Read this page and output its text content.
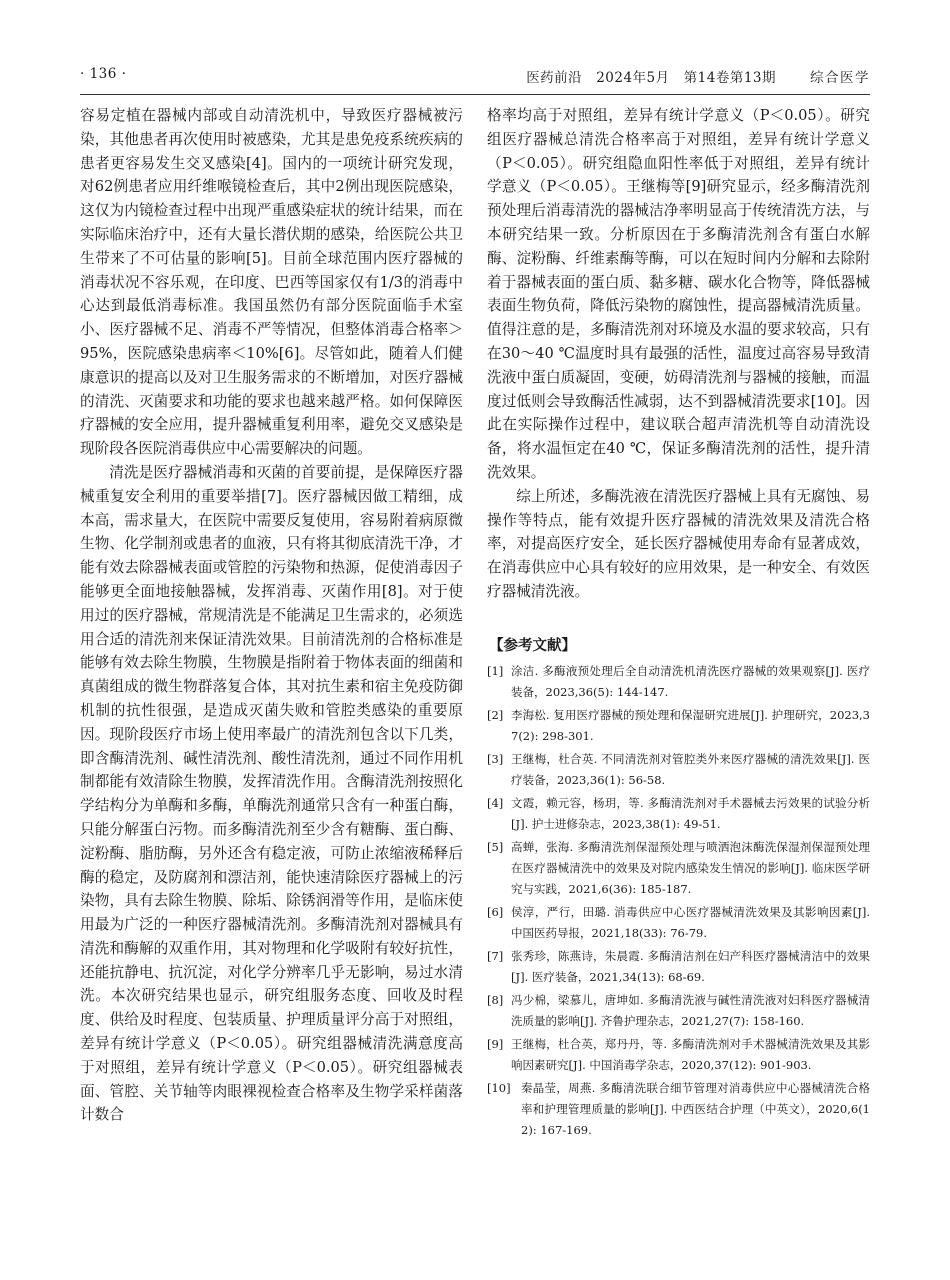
· 136 ·	医药前沿 2024年5月 第14卷第13期	综合医学

容易定植在器械内部或自动清洗机中，导致医疗器械被污染，其他患者再次使用时被感染，尤其是患免疫系统疾病的患者更容易发生交叉感染[4]。国内的一项统计研究发现，对62例患者应用纤维喉镜检查后，其中2例出现医院感染，这仅为内镜检查过程中出现严重感染症状的统计结果，而在实际临床治疗中，还有大量长潜伏期的感染，给医院公共卫生带来了不可估量的影响[5]。目前全球范围内医疗器械的消毒状况不容乐观，在印度、巴西等国家仅有1/3的消毒中心达到最低消毒标准。我国虽然仍有部分医院面临手术室小、医疗器械不足、消毒不严等情况，但整体消毒合格率＞95%，医院感染患病率＜10%[6]。尽管如此，随着人们健康意识的提高以及对卫生服务需求的不断增加，对医疗器械的清洗、灭菌要求和功能的要求也越来越严格。如何保障医疗器械的安全应用，提升器械重复利用率，避免交叉感染是现阶段各医院消毒供应中心需要解决的问题。

清洗是医疗器械消毒和灭菌的首要前提，是保障医疗器械重复安全利用的重要举措[7]。医疗器械因做工精细，成本高，需求量大，在医院中需要反复使用，容易附着病原微生物、化学制剂或患者的血液，只有将其彻底清洗干净，才能有效去除器械表面或管腔的污染物和热源，促使消毒因子能够更全面地接触器械，发挥消毒、灭菌作用[8]。对于使用过的医疗器械，常规清洗是不能满足卫生需求的，必须选用合适的清洗剂来保证清洗效果。目前清洗剂的合格标准是能够有效去除生物膜，生物膜是指附着于物体表面的细菌和真菌组成的微生物群落复合体，其对抗生素和宿主免疫防御机制的抗性很强，是造成灭菌失败和管腔类感染的重要原因。现阶段医疗市场上使用率最广的清洗剂包含以下几类，即含酶清洗剂、碱性清洗剂、酸性清洗剂，通过不同作用机制都能有效清除生物膜，发挥清洗作用。含酶清洗剂按照化学结构分为单酶和多酶，单酶洗剂通常只含有一种蛋白酶，只能分解蛋白污物。而多酶清洗剂至少含有糖酶、蛋白酶、淀粉酶、脂肪酶，另外还含有稳定液，可防止浓缩液稀释后酶的稳定，及防腐剂和漂洁剂，能快速清除医疗器械上的污染物，具有去除生物膜、除垢、除锈润滑等作用，是临床使用最为广泛的一种医疗器械清洗剂。多酶清洗剂对器械具有清洗和酶解的双重作用，其对物理和化学吸附有较好抗性，还能抗静电、抗沉淀，对化学分辨率几乎无影响，易过水清洗。本次研究结果也显示，研究组服务态度、回收及时程度、供给及时程度、包装质量、护理质量评分高于对照组，差异有统计学意义（P＜0.05）。研究组器械清洗满意度高于对照组，差异有统计学意义（P＜0.05）。研究组器械表面、管腔、关节轴等肉眼裸视检查合格率及生物学采样菌落计数合

格率均高于对照组，差异有统计学意义（P＜0.05）。研究组医疗器械总清洗合格率高于对照组，差异有统计学意义（P＜0.05）。研究组隐血阳性率低于对照组，差异有统计学意义（P＜0.05）。王继梅等[9]研究显示，经多酶清洗剂预处理后消毒清洗的器械洁净率明显高于传统清洗方法，与本研究结果一致。分析原因在于多酶清洗剂含有蛋白水解酶、淀粉酶、纤维素酶等酶，可以在短时间内分解和去除附着于器械表面的蛋白质、黏多糖、碳水化合物等，降低器械表面生物负荷，降低污染物的腐蚀性，提高器械清洗质量。值得注意的是，多酶清洗剂对环境及水温的要求较高，只有在30～40 ℃温度时具有最强的活性，温度过高容易导致清洗液中蛋白质凝固，变硬，妨碍清洗剂与器械的接触，而温度过低则会导致酶活性减弱，达不到器械清洗要求[10]。因此在实际操作过程中，建议联合超声清洗机等自动清洗设备，将水温恒定在40 ℃，保证多酶清洗剂的活性，提升清洗效果。

综上所述，多酶洗液在清洗医疗器械上具有无腐蚀、易操作等特点，能有效提升医疗器械的清洗效果及清洗合格率，对提高医疗安全，延长医疗器械使用寿命有显著成效，在消毒供应中心具有较好的应用效果，是一种安全、有效医疗器械清洗液。

【参考文献】
[1] 涂洁. 多酶液预处理后全自动清洗机清洗医疗器械的效果观察[J]. 医疗装备，2023,36(5): 144-147.
[2] 李海松. 复用医疗器械的预处理和保湿研究进展[J]. 护理研究，2023,37(2): 298-301.
[3] 王继梅，杜合英. 不同清洗剂对管腔类外来医疗器械的清洗效果[J]. 医疗装备，2023,36(1): 56-58.
[4] 文霞，赖元容，杨玥，等. 多酶清洗剂对手术器械去污效果的试验分析[J]. 护士进修杂志，2023,38(1): 49-51.
[5] 高蝉，张海. 多酶清洗剂保湿预处理与喷洒泡沫酶洗保湿剂保湿预处理在医疗器械清洗中的效果及对院内感染发生情况的影响[J]. 临床医学研究与实践，2021,6(36): 185-187.
[6] 侯淳，严行，田璐. 消毒供应中心医疗器械清洗效果及其影响因素[J]. 中国医药导报，2021,18(33): 76-79.
[7] 张秀珍，陈燕诗，朱晨霞. 多酶清洁剂在妇产科医疗器械清洁中的效果[J]. 医疗装备，2021,34(13): 68-69.
[8] 冯少棉，梁慕儿，唐坤如. 多酶清洗液与碱性清洗液对妇科医疗器械清洗质量的影响[J]. 齐鲁护理杂志，2021,27(7): 158-160.
[9] 王继梅，杜合英，郑丹丹，等. 多酶清洗剂对手术器械清洗效果及其影响因素研究[J]. 中国消毒学杂志，2020,37(12): 901-903.
[10] 秦晶莹，周燕. 多酶清洗联合细节管理对消毒供应中心器械清洗合格率和护理管理质量的影响[J]. 中西医结合护理（中英文），2020,6(12): 167-169.
